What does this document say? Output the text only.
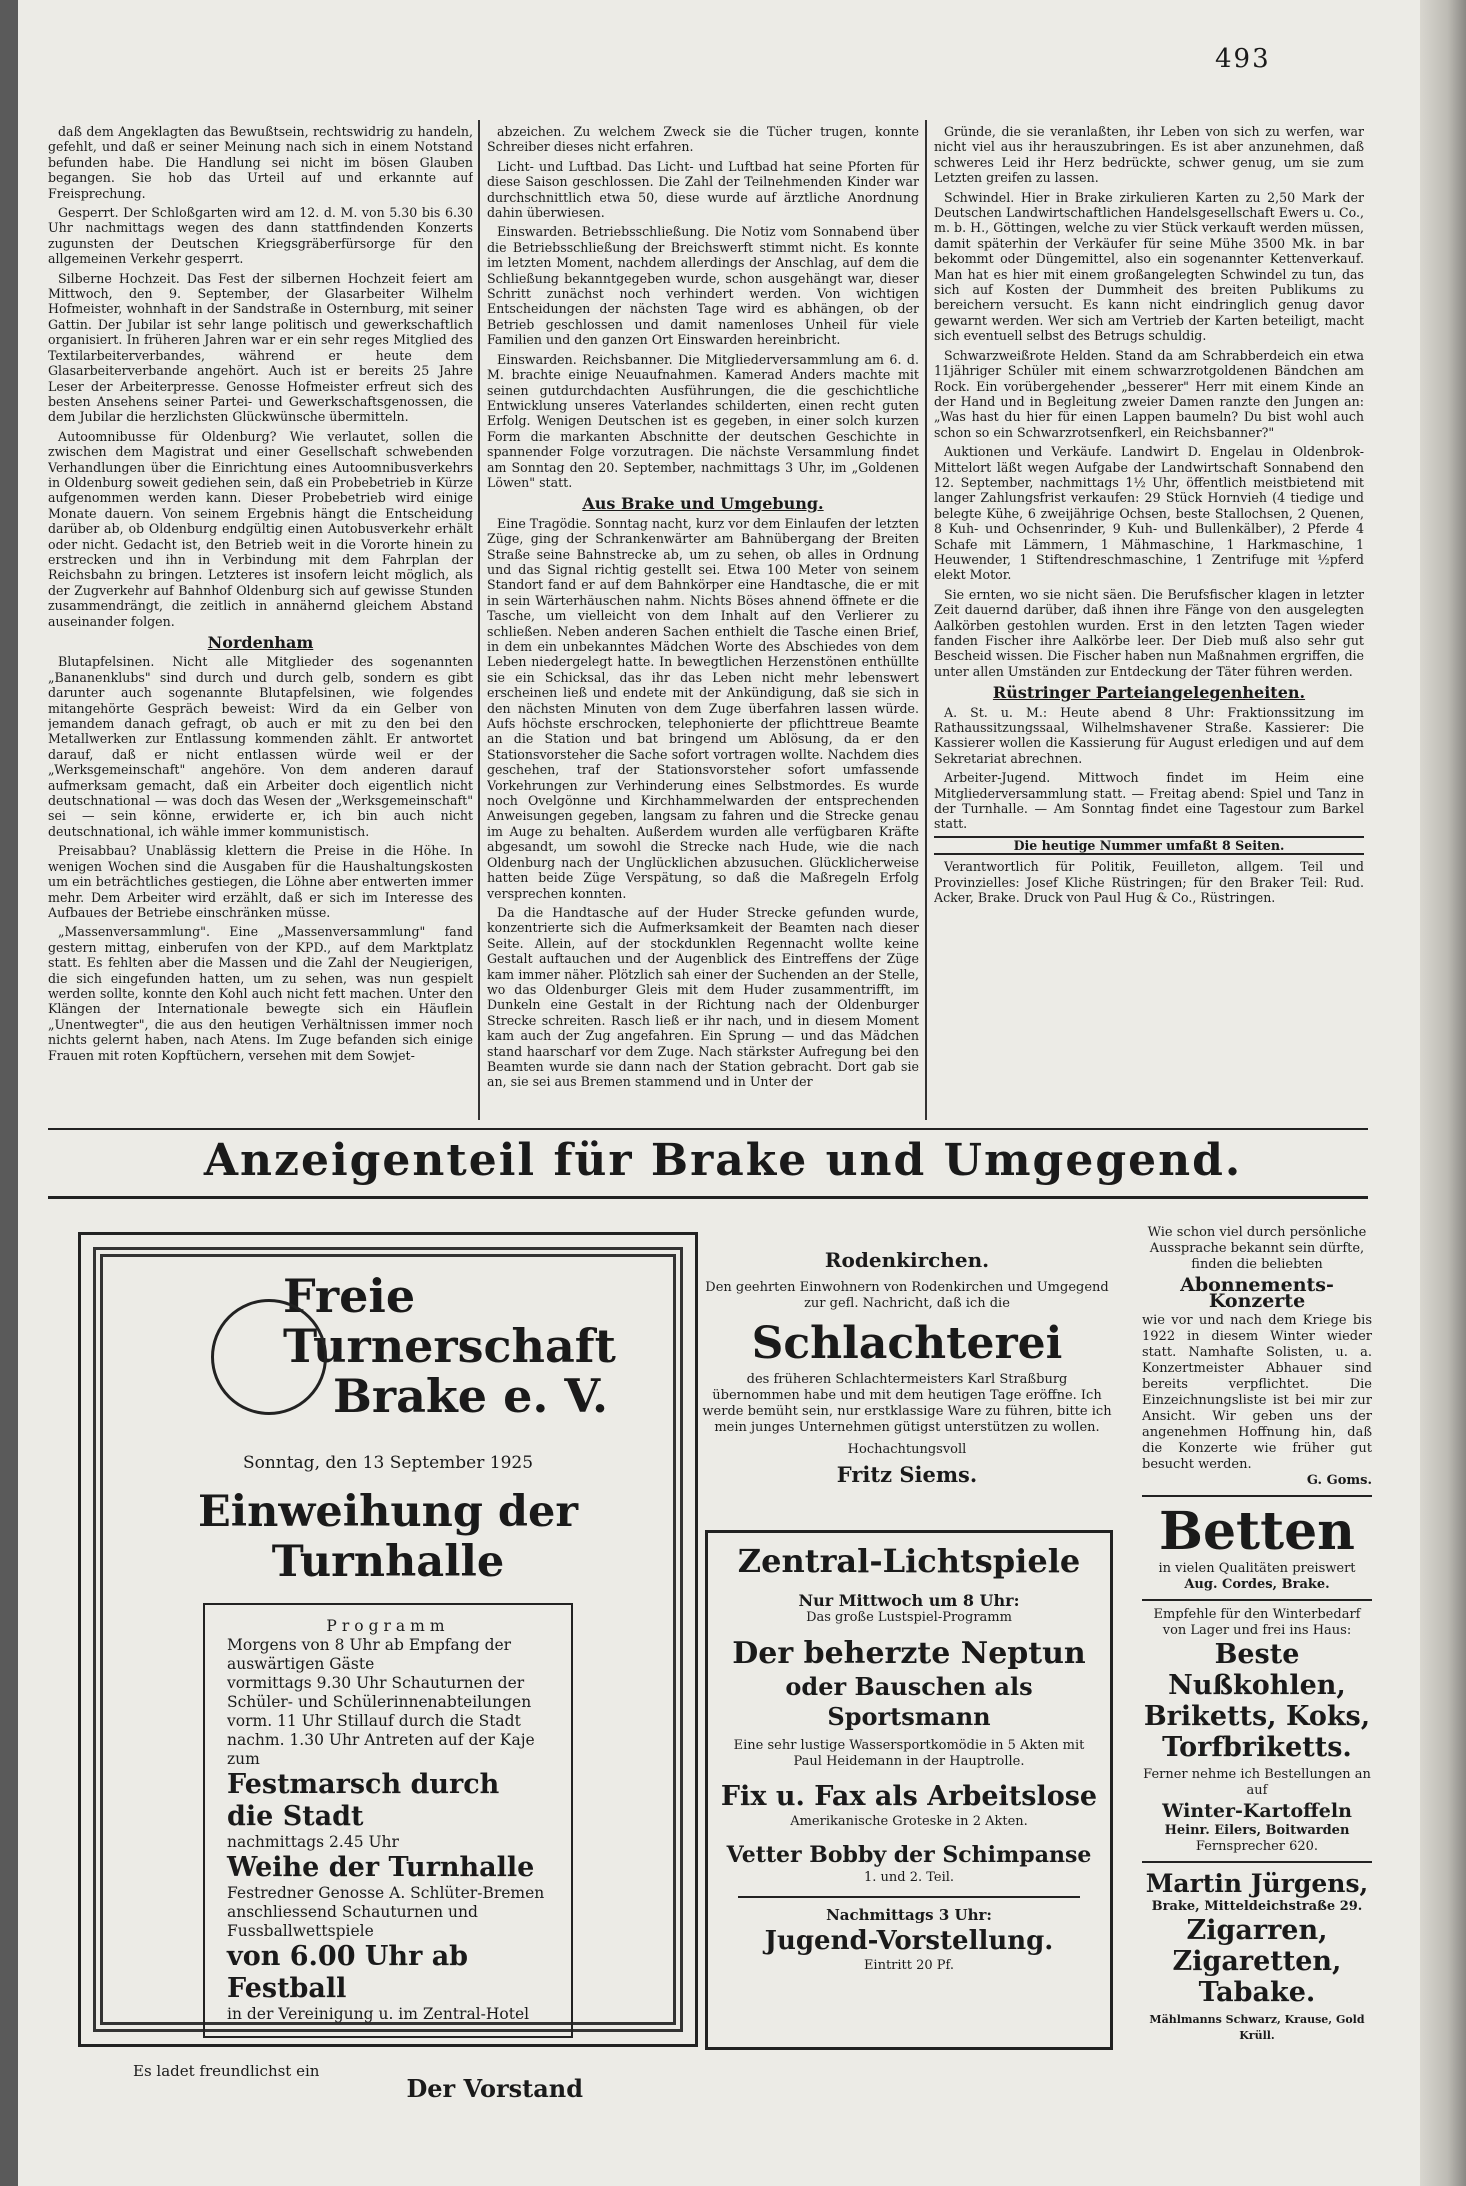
493

daß dem Angeklagten das Bewußtsein, rechtswidrig zu handeln, gefehlt, und daß er seiner Meinung nach sich in einem Notstand befunden habe. Die Handlung sei nicht im bösen Glauben begangen. Sie hob das Urteil auf und erkannte auf Freisprechung.

Gesperrt. Der Schloßgarten wird am 12. d. M. von 5.30 bis 6.30 Uhr nachmittags wegen des dann stattfindenden Konzerts zugunsten der Deutschen Kriegsgräberfürsorge für den allgemeinen Verkehr gesperrt.

Silberne Hochzeit. Das Fest der silbernen Hochzeit feiert am Mittwoch, den 9. September, der Glasarbeiter Wilhelm Hofmeister, wohnhaft in der Sandstraße in Osternburg, mit seiner Gattin. Der Jubilar ist sehr lange politisch und gewerkschaftlich organisiert. In früheren Jahren war er ein sehr reges Mitglied des Textilarbeiterverbandes, während er heute dem Glasarbeiterverbande angehört. Auch ist er bereits 25 Jahre Leser der Arbeiterpresse. Genosse Hofmeister erfreut sich des besten Ansehens seiner Partei- und Gewerkschaftsgenossen, die dem Jubilar die herzlichsten Glückwünsche übermitteln.

Autoomnibusse für Oldenburg? Wie verlautet, sollen die zwischen dem Magistrat und einer Gesellschaft schwebenden Verhandlungen über die Einrichtung eines Autoomnibusverkehrs in Oldenburg soweit gediehen sein, daß ein Probebetrieb in Kürze aufgenommen werden kann. Dieser Probebetrieb wird einige Monate dauern. Von seinem Ergebnis hängt die Entscheidung darüber ab, ob Oldenburg endgültig einen Autobusverkehr erhält oder nicht. Gedacht ist, den Betrieb weit in die Vororte hinein zu erstrecken und ihn in Verbindung mit dem Fahrplan der Reichsbahn zu bringen. Letzteres ist insofern leicht möglich, als der Zugverkehr auf Bahnhof Oldenburg sich auf gewisse Stunden zusammendrängt, die zeitlich in annähernd gleichem Abstand auseinander folgen.

Nordenham

Blutapfelsinen. Nicht alle Mitglieder des sogenannten „Bananenklubs" sind durch und durch gelb, sondern es gibt darunter auch sogenannte Blutapfelsinen, wie folgendes mitangehörte Gespräch beweist: Wird da ein Gelber von jemandem danach gefragt, ob auch er mit zu den bei den Metallwerken zur Entlassung kommenden zählt. Er antwortet darauf, daß er nicht entlassen würde weil er der „Werksgemeinschaft" angehöre. Von dem anderen darauf aufmerksam gemacht, daß ein Arbeiter doch eigentlich nicht deutschnational — was doch das Wesen der „Werksgemeinschaft" sei — sein könne, erwiderte er, ich bin auch nicht deutschnational, ich wähle immer kommunistisch.

Preisabbau? Unablässig klettern die Preise in die Höhe. In wenigen Wochen sind die Ausgaben für die Haushaltungskosten um ein beträchtliches gestiegen, die Löhne aber entwerten immer mehr. Dem Arbeiter wird erzählt, daß er sich im Interesse des Aufbaues der Betriebe einschränken müsse.

„Massenversammlung". Eine „Massenversammlung" fand gestern mittag, einberufen von der KPD., auf dem Marktplatz statt. Es fehlten aber die Massen und die Zahl der Neugierigen, die sich eingefunden hatten, um zu sehen, was nun gespielt werden sollte, konnte den Kohl auch nicht fett machen. Unter den Klängen der Internationale bewegte sich ein Häuflein „Unentwegter", die aus den heutigen Verhältnissen immer noch nichts gelernt haben, nach Atens. Im Zuge befanden sich einige Frauen mit roten Kopftüchern, versehen mit dem Sowjet-

abzeichen. Zu welchem Zweck sie die Tücher trugen, konnte Schreiber dieses nicht erfahren.

Licht- und Luftbad. Das Licht- und Luftbad hat seine Pforten für diese Saison geschlossen. Die Zahl der Teilnehmenden Kinder war durchschnittlich etwa 50, diese wurde auf ärztliche Anordnung dahin überwiesen.

Einswarden. Betriebsschließung. Die Notiz vom Sonnabend über die Betriebsschließung der Breichswerft stimmt nicht. Es konnte im letzten Moment, nachdem allerdings der Anschlag, auf dem die Schließung bekanntgegeben wurde, schon ausgehängt war, dieser Schritt zunächst noch verhindert werden. Von wichtigen Entscheidungen der nächsten Tage wird es abhängen, ob der Betrieb geschlossen und damit namenloses Unheil für viele Familien und den ganzen Ort Einswarden hereinbricht.

Einswarden. Reichsbanner. Die Mitgliederversammlung am 6. d. M. brachte einige Neuaufnahmen. Kamerad Anders machte mit seinen gutdurchdachten Ausführungen, die die geschichtliche Entwicklung unseres Vaterlandes schilderten, einen recht guten Erfolg. Wenigen Deutschen ist es gegeben, in einer solch kurzen Form die markanten Abschnitte der deutschen Geschichte in spannender Folge vorzutragen. Die nächste Versammlung findet am Sonntag den 20. September, nachmittags 3 Uhr, im „Goldenen Löwen" statt.

Aus Brake und Umgebung.

Eine Tragödie. Sonntag nacht, kurz vor dem Einlaufen der letzten Züge, ging der Schrankenwärter am Bahnübergang der Breiten Straße seine Bahnstrecke ab, um zu sehen, ob alles in Ordnung und das Signal richtig gestellt sei. Etwa 100 Meter von seinem Standort fand er auf dem Bahnkörper eine Handtasche, die er mit in sein Wärterhäuschen nahm. Nichts Böses ahnend öffnete er die Tasche, um vielleicht von dem Inhalt auf den Verlierer zu schließen. Neben anderen Sachen enthielt die Tasche einen Brief, in dem ein unbekanntes Mädchen Worte des Abschiedes von dem Leben niedergelegt hatte. In bewegtlichen Herzenstönen enthüllte sie ein Schicksal, das ihr das Leben nicht mehr lebenswert erscheinen ließ und endete mit der Ankündigung, daß sie sich in den nächsten Minuten von dem Zuge überfahren lassen würde. Aufs höchste erschrocken, telephonierte der pflichttreue Beamte an die Station und bat bringend um Ablösung, da er den Stationsvorsteher die Sache sofort vortragen wollte. Nachdem dies geschehen, traf der Stationsvorsteher sofort umfassende Vorkehrungen zur Verhinderung eines Selbstmordes. Es wurde noch Ovelgönne und Kirchhammelwarden der entsprechenden Anweisungen gegeben, langsam zu fahren und die Strecke genau im Auge zu behalten. Außerdem wurden alle verfügbaren Kräfte abgesandt, um sowohl die Strecke nach Hude, wie die nach Oldenburg nach der Unglücklichen abzusuchen. Glücklicherweise hatten beide Züge Verspätung, so daß die Maßregeln Erfolg versprechen konnten.

Da die Handtasche auf der Huder Strecke gefunden wurde, konzentrierte sich die Aufmerksamkeit der Beamten nach dieser Seite. Allein, auf der stockdunklen Regennacht wollte keine Gestalt auftauchen und der Augenblick des Eintreffens der Züge kam immer näher. Plötzlich sah einer der Suchenden an der Stelle, wo das Oldenburger Gleis mit dem Huder zusammentrifft, im Dunkeln eine Gestalt in der Richtung nach der Oldenburger Strecke schreiten. Rasch ließ er ihr nach, und in diesem Moment kam auch der Zug angefahren. Ein Sprung — und das Mädchen stand haarscharf vor dem Zuge. Nach stärkster Aufregung bei den Beamten wurde sie dann nach der Station gebracht. Dort gab sie an, sie sei aus Bremen stammend und in Unter der

Gründe, die sie veranlaßten, ihr Leben von sich zu werfen, war nicht viel aus ihr herauszubringen. Es ist aber anzunehmen, daß schweres Leid ihr Herz bedrückte, schwer genug, um sie zum Letzten greifen zu lassen.

Schwindel. Hier in Brake zirkulieren Karten zu 2,50 Mark der Deutschen Landwirtschaftlichen Handelsgesellschaft Ewers u. Co., m. b. H., Göttingen, welche zu vier Stück verkauft werden müssen, damit späterhin der Verkäufer für seine Mühe 3500 Mk. in bar bekommt oder Düngemittel, also ein sogenannter Kettenverkauf. Man hat es hier mit einem großangelegten Schwindel zu tun, das sich auf Kosten der Dummheit des breiten Publikums zu bereichern versucht. Es kann nicht eindringlich genug davor gewarnt werden. Wer sich am Vertrieb der Karten beteiligt, macht sich eventuell selbst des Betrugs schuldig.

Schwarzweißrote Helden. Stand da am Schrabberdeich ein etwa 11jähriger Schüler mit einem schwarzrotgoldenen Bändchen am Rock. Ein vorübergehender „besserer" Herr mit einem Kinde an der Hand und in Begleitung zweier Damen ranzte den Jungen an: „Was hast du hier für einen Lappen baumeln? Du bist wohl auch schon so ein Schwarzrotsenfkerl, ein Reichsbanner?"

Auktionen und Verkäufe. Landwirt D. Engelau in Oldenbrok-Mittelort läßt wegen Aufgabe der Landwirtschaft Sonnabend den 12. September, nachmittags 1½ Uhr, öffentlich meistbietend mit langer Zahlungsfrist verkaufen: 29 Stück Hornvieh (4 tiedige und belegte Kühe, 6 zweijährige Ochsen, beste Stallochsen, 2 Quenen, 8 Kuh- und Ochsenrinder, 9 Kuh- und Bullenkälber), 2 Pferde 4 Schafe mit Lämmern, 1 Mähmaschine, 1 Harkmaschine, 1 Heuwender, 1 Stiftendreschmaschine, 1 Zentrifuge mit ½pferd elekt Motor.

Sie ernten, wo sie nicht säen. Die Berufsfischer klagen in letzter Zeit dauernd darüber, daß ihnen ihre Fänge von den ausgelegten Aalkörben gestohlen wurden. Erst in den letzten Tagen wieder fanden Fischer ihre Aalkörbe leer. Der Dieb muß also sehr gut Bescheid wissen. Die Fischer haben nun Maßnahmen ergriffen, die unter allen Umständen zur Entdeckung der Täter führen werden.

Rüstringer Parteiangelegenheiten.

A. St. u. M.: Heute abend 8 Uhr: Fraktionssitzung im Rathaussitzungssaal, Wilhelmshavener Straße. Kassierer: Die Kassierer wollen die Kassierung für August erledigen und auf dem Sekretariat abrechnen.

Arbeiter-Jugend. Mittwoch findet im Heim eine Mitgliederversammlung statt. — Freitag abend: Spiel und Tanz in der Turnhalle. — Am Sonntag findet eine Tagestour zum Barkel statt.

Die heutige Nummer umfaßt 8 Seiten.

Verantwortlich für Politik, Feuilleton, allgem. Teil und Provinzielles: Josef Kliche Rüstringen; für den Braker Teil: Rud. Acker, Brake. Druck von Paul Hug & Co., Rüstringen.

Anzeigenteil für Brake und Umgegend.
Freie Turnerschaft
Brake e. V.
Sonntag, den 13 September 1925
Einweihung der Turnhalle
Programm
Morgens von 8 Uhr ab Empfang der auswärtigen Gäste
vormittags 9.30 Uhr Schauturnen der Schüler- und Schülerinnenabteilungen
vorm. 11 Uhr Stillauf durch die Stadt
nachm. 1.30 Uhr Antreten auf der Kaje zum
Festmarsch durch die Stadt
nachmittags 2.45 Uhr
Weihe der Turnhalle
Festredner Genosse A. Schlüter-Bremen anschliessend Schauturnen und Fussballwettspiele
von 6.00 Uhr ab Festball
in der Vereinigung u. im Zentral-Hotel
Es ladet freundlichst ein
Der Vorstand
Rodenkirchen.
Den geehrten Einwohnern von Rodenkirchen und Umgegend zur gefl. Nachricht, daß ich die
Schlachterei
des früheren Schlachtermeisters Karl Straßburg übernommen habe und mit dem heutigen Tage eröffne. Ich werde bemüht sein, nur erstklassige Ware zu führen, bitte ich mein junges Unternehmen gütigst unterstützen zu wollen.
Hochachtungsvoll
Fritz Siems.
Zentral-Lichtspiele
Nur Mittwoch um 8 Uhr:
Das große Lustspiel-Programm
Der beherzte Neptun
oder Bauschen als Sportsmann
Eine sehr lustige Wassersportkomödie in 5 Akten mit Paul Heidemann in der Hauptrolle.
Fix u. Fax als Arbeitslose
Amerikanische Groteske in 2 Akten.
Vetter Bobby der Schimpanse
1. und 2. Teil.
Nachmittags 3 Uhr:
Jugend-Vorstellung.
Eintritt 20 Pf.
Wie schon viel durch persönliche Aussprache bekannt sein dürfte, finden die beliebten
Abonnements-Konzerte
wie vor und nach dem Kriege bis 1922 in diesem Winter wieder statt. Namhafte Solisten, u. a. Konzertmeister Abhauer sind bereits verpflichtet. Die Einzeichnungsliste ist bei mir zur Ansicht. Wir geben uns der angenehmen Hoffnung hin, daß die Konzerte wie früher gut besucht werden.
G. Goms.
Betten
in vielen Qualitäten preiswert
Aug. Cordes, Brake.
Empfehle für den Winterbedarf von Lager und frei ins Haus:
Beste Nußkohlen, Briketts, Koks, Torfbriketts.
Ferner nehme ich Bestellungen an auf
Winter-Kartoffeln
Heinr. Eilers, Boitwarden
Fernsprecher 620.
Martin Jürgens,
Brake, Mitteldeichstraße 29.
Zigarren, Zigaretten, Tabake.
Mählmanns Schwarz, Krause, Gold Krüll.
